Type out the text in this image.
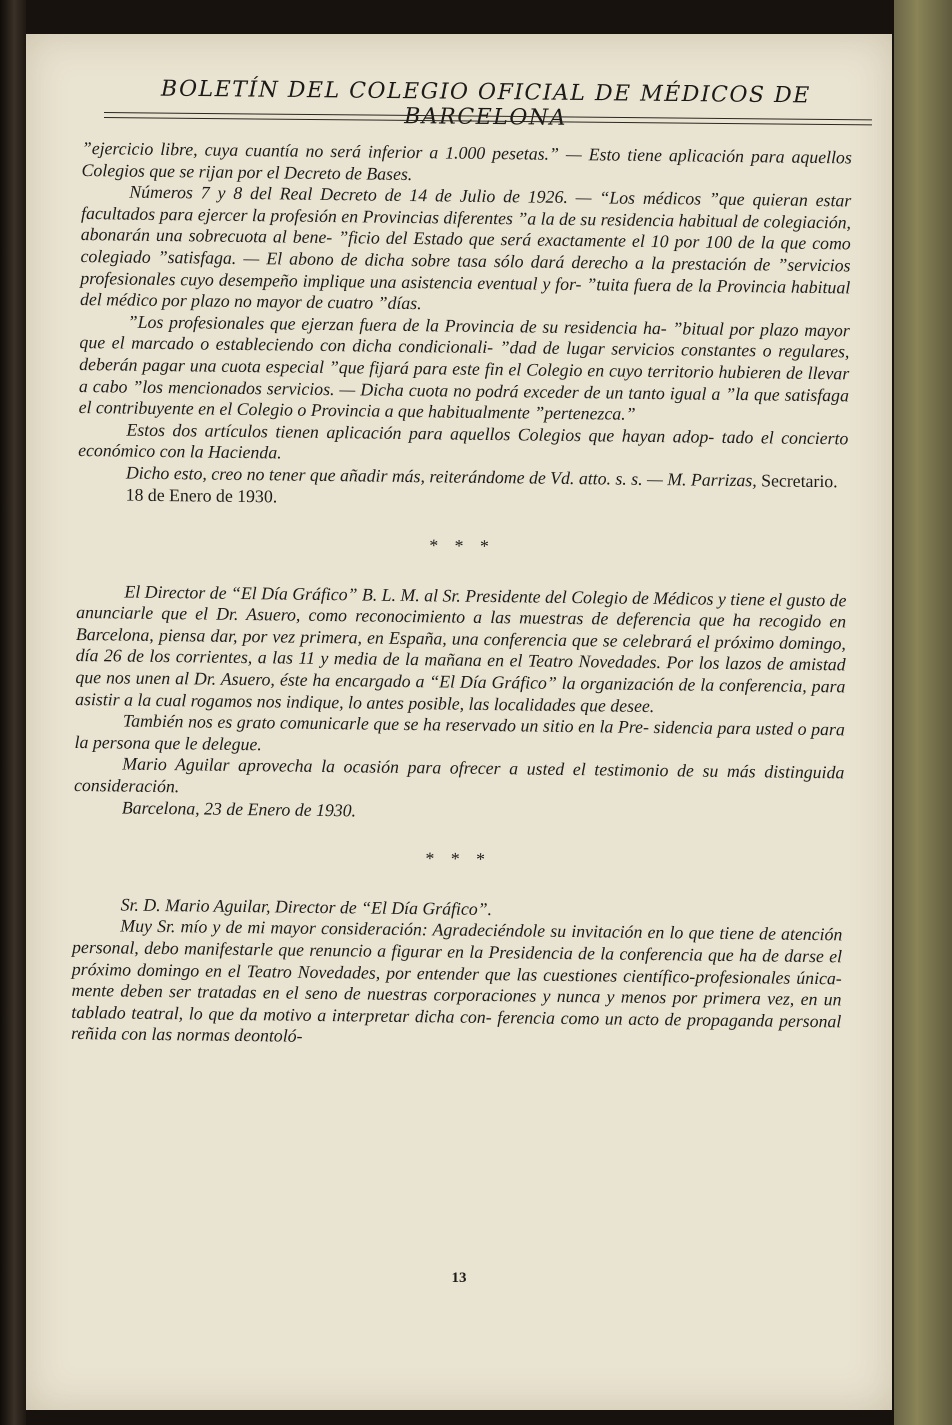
BOLETÍN DEL COLEGIO OFICIAL DE MÉDICOS DE BARCELONA

”ejercicio libre, cuya cuantía no será inferior a 1.000 pesetas.” — Esto tiene aplicación para aquellos Colegios que se rijan por el Decreto de Bases.

Números 7 y 8 del Real Decreto de 14 de Julio de 1926. — “Los médicos ”que quieran estar facultados para ejercer la profesión en Provincias diferentes ”a la de su residencia habitual de colegiación, abonarán una sobrecuota al bene- ”ficio del Estado que será exactamente el 10 por 100 de la que como colegiado ”satisfaga. — El abono de dicha sobre tasa sólo dará derecho a la prestación de ”servicios profesionales cuyo desempeño implique una asistencia eventual y for- ”tuita fuera de la Provincia habitual del médico por plazo no mayor de cuatro ”días.

”Los profesionales que ejerzan fuera de la Provincia de su residencia ha- ”bitual por plazo mayor que el marcado o estableciendo con dicha condicionali- ”dad de lugar servicios constantes o regulares, deberán pagar una cuota especial ”que fijará para este fin el Colegio en cuyo territorio hubieren de llevar a cabo ”los mencionados servicios. — Dicha cuota no podrá exceder de un tanto igual a ”la que satisfaga el contribuyente en el Colegio o Provincia a que habitualmente ”pertenezca.”

Estos dos artículos tienen aplicación para aquellos Colegios que hayan adop- tado el concierto económico con la Hacienda.

Dicho esto, creo no tener que añadir más, reiterándome de Vd. atto. s. s. — M. Parrizas, Secretario.

18 de Enero de 1930.

* * *

El Director de “El Día Gráfico” B. L. M. al Sr. Presidente del Colegio de Médicos y tiene el gusto de anunciarle que el Dr. Asuero, como reconocimiento a las muestras de deferencia que ha recogido en Barcelona, piensa dar, por vez primera, en España, una conferencia que se celebrará el próximo domingo, día 26 de los corrientes, a las 11 y media de la mañana en el Teatro Novedades. Por los lazos de amistad que nos unen al Dr. Asuero, éste ha encargado a “El Día Gráfico” la organización de la conferencia, para asistir a la cual rogamos nos indique, lo antes posible, las localidades que desee.

También nos es grato comunicarle que se ha reservado un sitio en la Pre- sidencia para usted o para la persona que le delegue.

Mario Aguilar aprovecha la ocasión para ofrecer a usted el testimonio de su más distinguida consideración.

Barcelona, 23 de Enero de 1930.

* * *

Sr. D. Mario Aguilar, Director de “El Día Gráfico”.

Muy Sr. mío y de mi mayor consideración: Agradeciéndole su invitación en lo que tiene de atención personal, debo manifestarle que renuncio a figurar en la Presidencia de la conferencia que ha de darse el próximo domingo en el Teatro Novedades, por entender que las cuestiones científico-profesionales única- mente deben ser tratadas en el seno de nuestras corporaciones y nunca y menos por primera vez, en un tablado teatral, lo que da motivo a interpretar dicha con- ferencia como un acto de propaganda personal reñida con las normas deontoló-

13
